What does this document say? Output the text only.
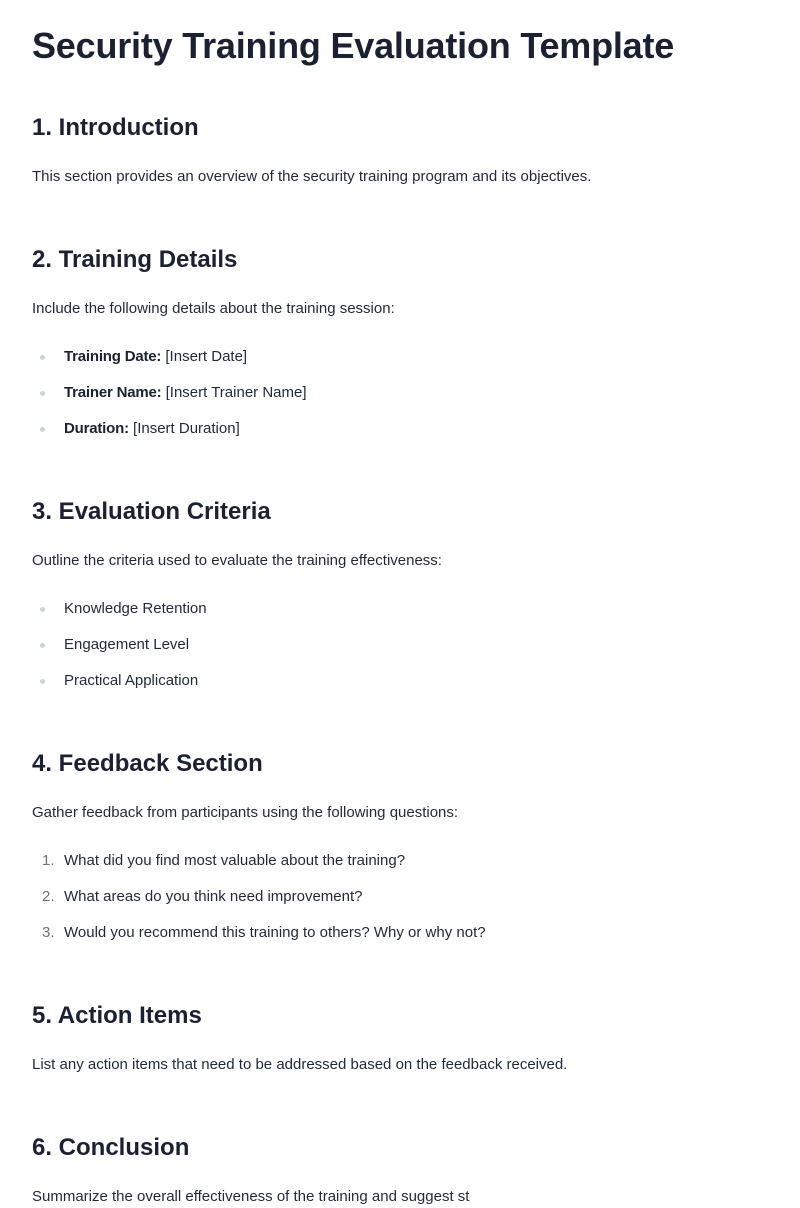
Security Training Evaluation Template
1. Introduction

This section provides an overview of the security training program and its objectives.

2. Training Details

Include the following details about the training session:

Training Date: [Insert Date]
Trainer Name: [Insert Trainer Name]
Duration: [Insert Duration]
3. Evaluation Criteria

Outline the criteria used to evaluate the training effectiveness:

Knowledge Retention
Engagement Level
Practical Application
4. Feedback Section

Gather feedback from participants using the following questions:

1. What did you find most valuable about the training?
2. What areas do you think need improvement?
3. Would you recommend this training to others? Why or why not?
5. Action Items

List any action items that need to be addressed based on the feedback received.

6. Conclusion

Summarize the overall effectiveness of the training and suggest st
